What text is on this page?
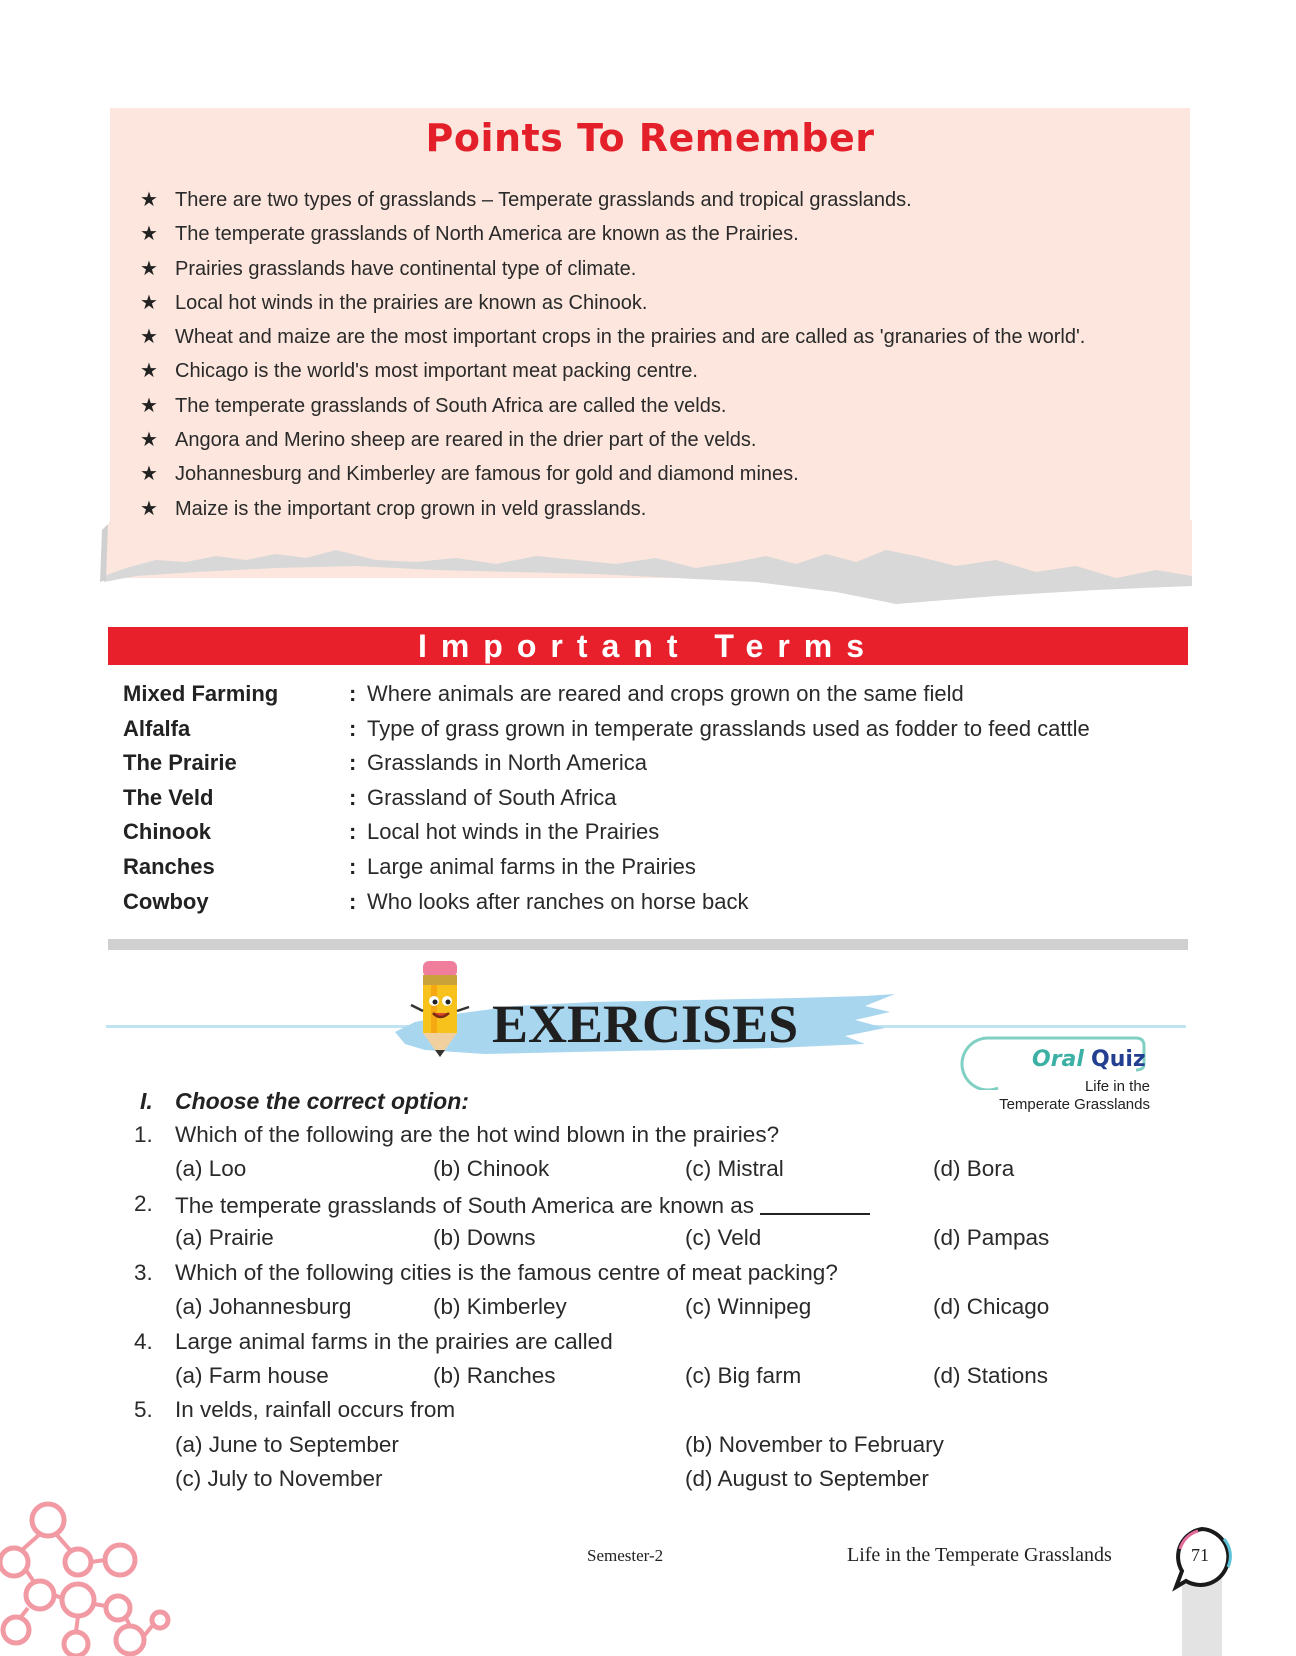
Points To Remember
★ There are two types of grasslands – Temperate grasslands and tropical grasslands.
★ The temperate grasslands of North America are known as the Prairies.
★ Prairies grasslands have continental type of climate.
★ Local hot winds in the prairies are known as Chinook.
★ Wheat and maize are the most important crops in the prairies and are called as 'granaries of the world'.
★ Chicago is the world's most important meat packing centre.
★ The temperate grasslands of South Africa are called the velds.
★ Angora and Merino sheep are reared in the drier part of the velds.
★ Johannesburg and Kimberley are famous for gold and diamond mines.
★ Maize is the important crop grown in veld grasslands.
Important Terms
Mixed Farming	: Where animals are reared and crops grown on the same field
Alfalfa	: Type of grass grown in temperate grasslands used as fodder to feed cattle
The Prairie	: Grasslands in North America
The Veld	: Grassland of South Africa
Chinook	: Local hot winds in the Prairies
Ranches	: Large animal farms in the Prairies
Cowboy	: Who looks after ranches on horse back
EXERCISES
Oral Quiz
Life in the
Temperate Grasslands
I. Choose the correct option:
1. Which of the following are the hot wind blown in the prairies?
(a) Loo	(b) Chinook	(c) Mistral	(d) Bora
2. The temperate grasslands of South America are known as
(a) Prairie	(b) Downs	(c) Veld	(d) Pampas
3. Which of the following cities is the famous centre of meat packing?
(a) Johannesburg	(b) Kimberley	(c) Winnipeg	(d) Chicago
4. Large animal farms in the prairies are called
(a) Farm house	(b) Ranches	(c) Big farm	(d) Stations
5. In velds, rainfall occurs from
(a) June to September	(b) November to February
(c) July to November	(d) August to September
Semester-2	Life in the Temperate Grasslands	71
